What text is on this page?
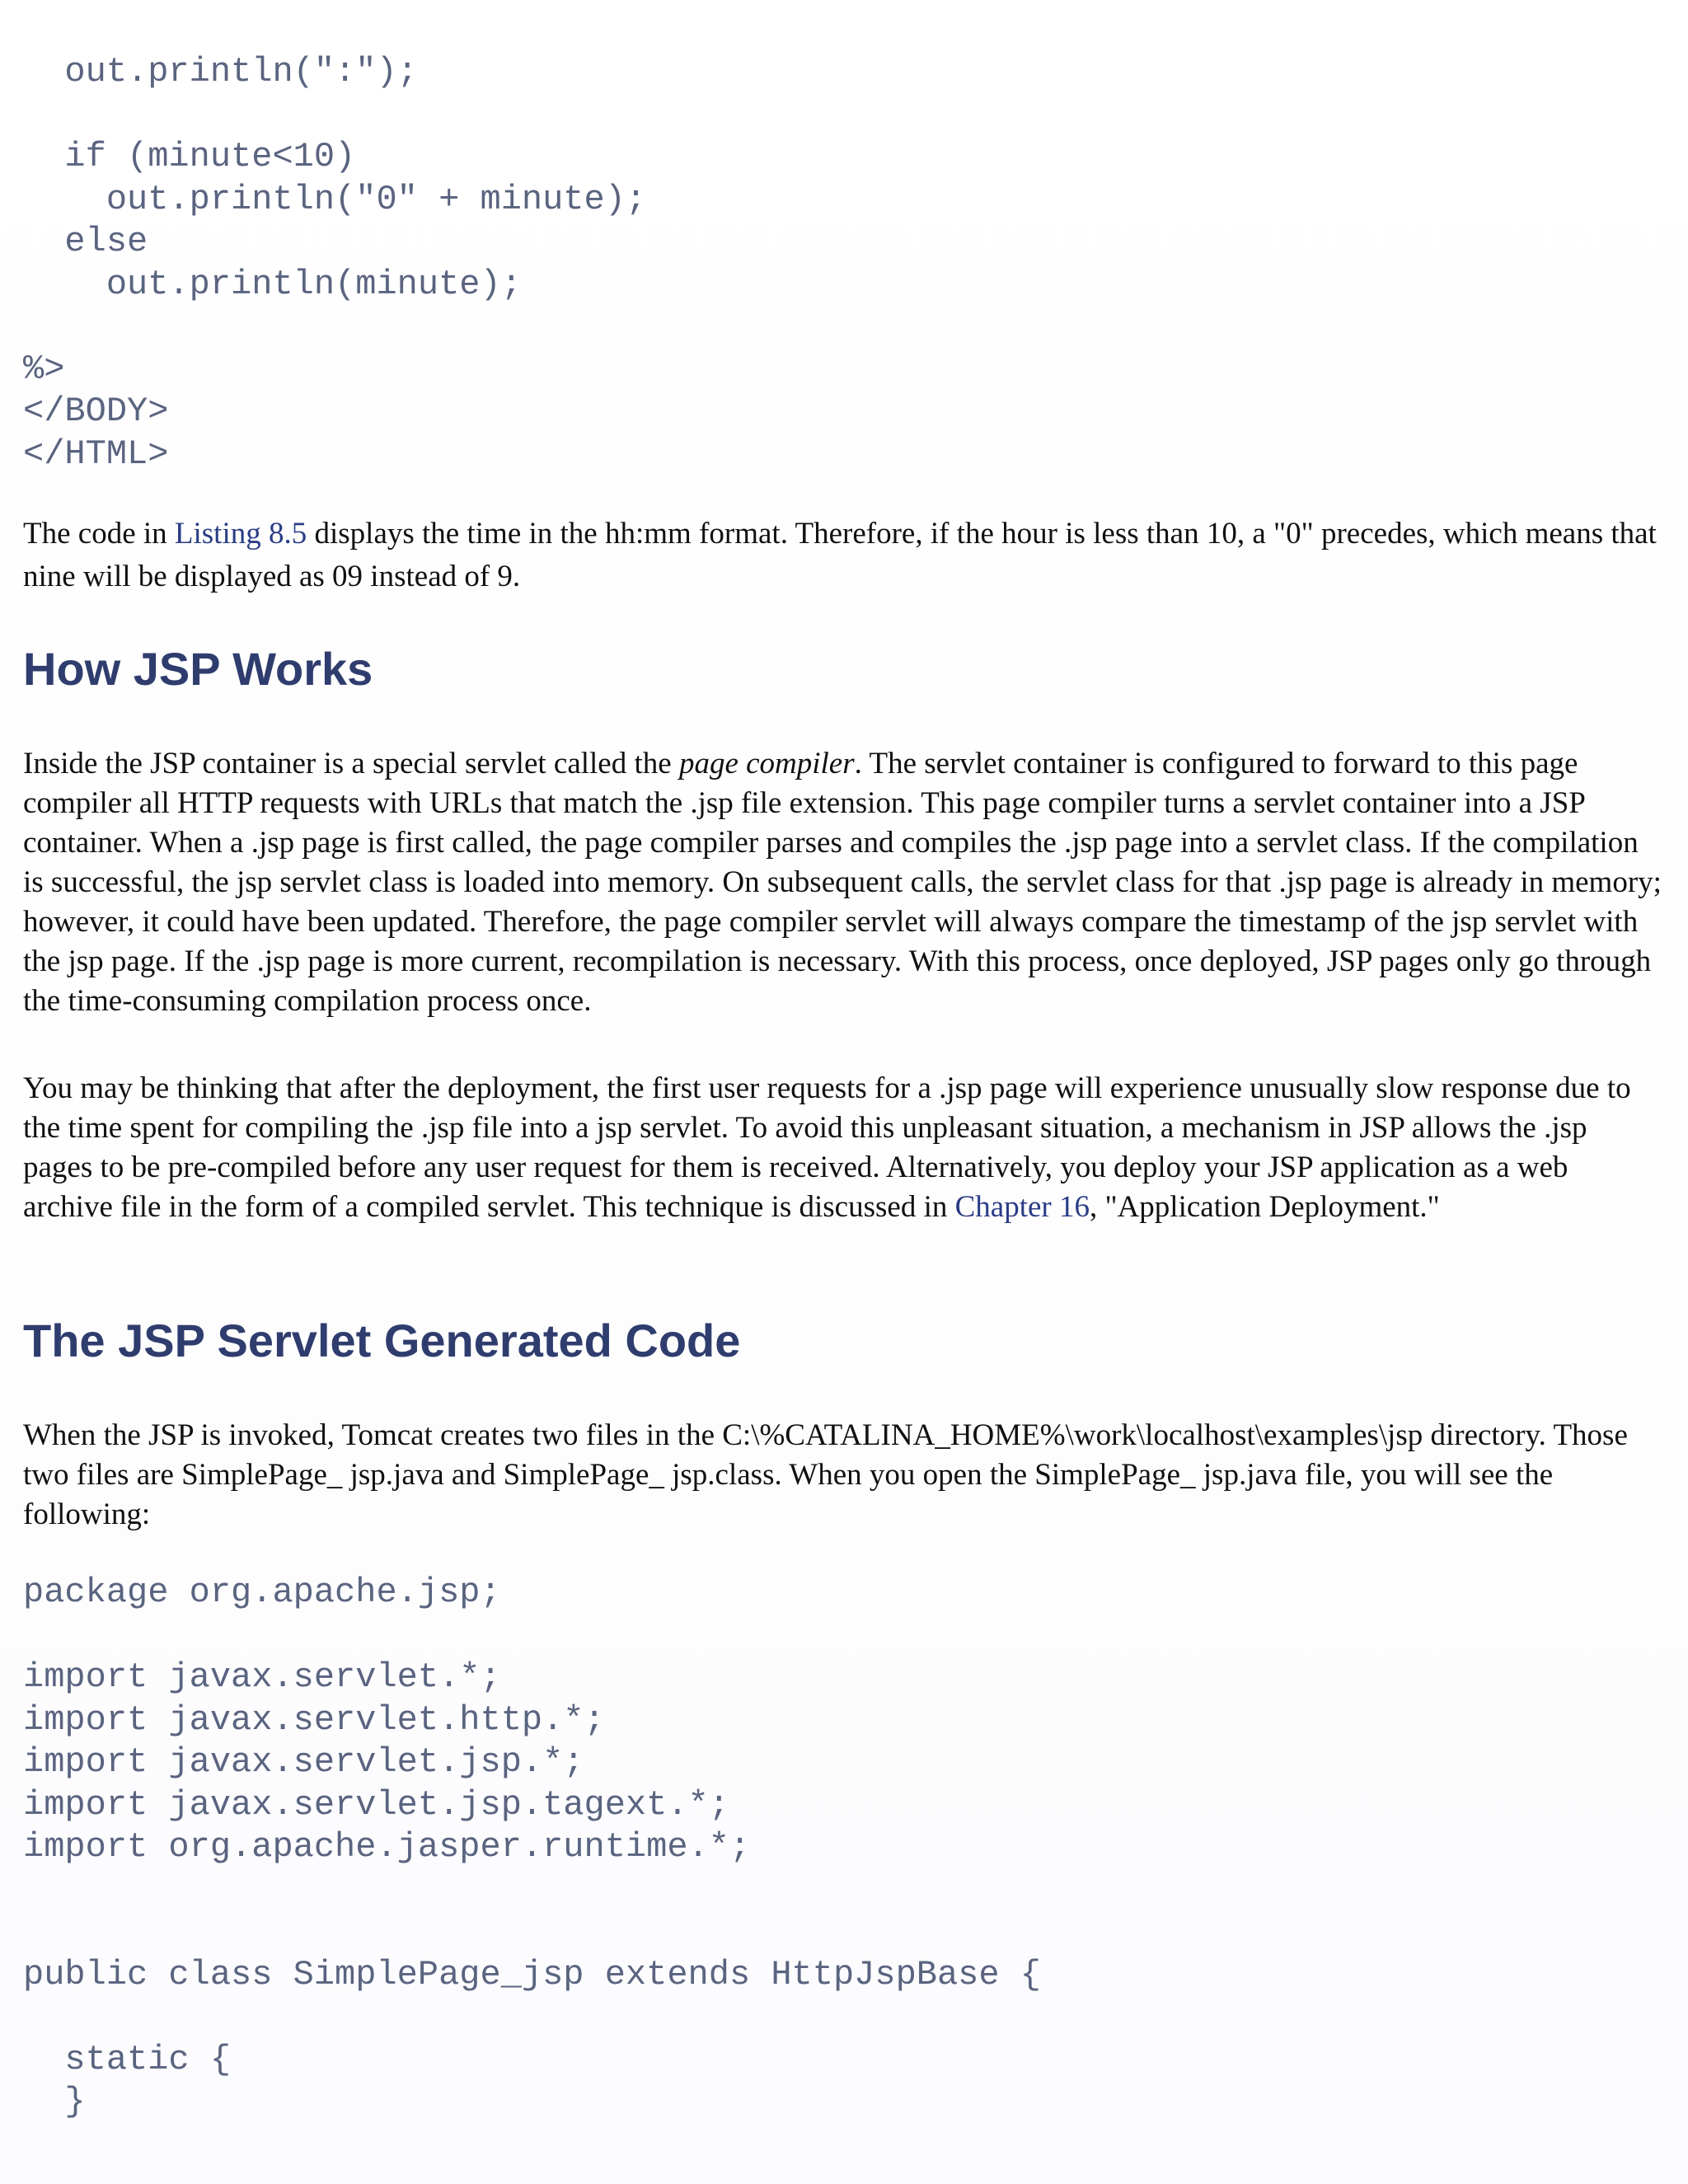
out.println(":");

if (minute<10)
out.println("0" + minute);
else
out.println(minute);

%>
</BODY>
</HTML>

The code in Listing 8.5 displays the time in the hh:mm format. Therefore, if the hour is less than 10, a "0" precedes, which means that nine will be displayed as 09 instead of 9.

How JSP Works

Inside the JSP container is a special servlet called the page compiler. The servlet container is configured to forward to this page compiler all HTTP requests with URLs that match the .jsp file extension. This page compiler turns a servlet container into a JSP container. When a .jsp page is first called, the page compiler parses and compiles the .jsp page into a servlet class. If the compilation is successful, the jsp servlet class is loaded into memory. On subsequent calls, the servlet class for that .jsp page is already in memory; however, it could have been updated. Therefore, the page compiler servlet will always compare the timestamp of the jsp servlet with the jsp page. If the .jsp page is more current, recompilation is necessary. With this process, once deployed, JSP pages only go through the time-consuming compilation process once.

You may be thinking that after the deployment, the first user requests for a .jsp page will experience unusually slow response due to the time spent for compiling the .jsp file into a jsp servlet. To avoid this unpleasant situation, a mechanism in JSP allows the .jsp pages to be pre-compiled before any user request for them is received. Alternatively, you deploy your JSP application as a web archive file in the form of a compiled servlet. This technique is discussed in Chapter 16, "Application Deployment."

The JSP Servlet Generated Code

When the JSP is invoked, Tomcat creates two files in the C:\%CATALINA_HOME%\work\localhost\examples\jsp directory. Those two files are SimplePage_ jsp.java and SimplePage_ jsp.class. When you open the SimplePage_ jsp.java file, you will see the following:

package org.apache.jsp;

import javax.servlet.*;
import javax.servlet.http.*;
import javax.servlet.jsp.*;
import javax.servlet.jsp.tagext.*;
import org.apache.jasper.runtime.*;

public class SimplePage_jsp extends HttpJspBase {

static {
}
